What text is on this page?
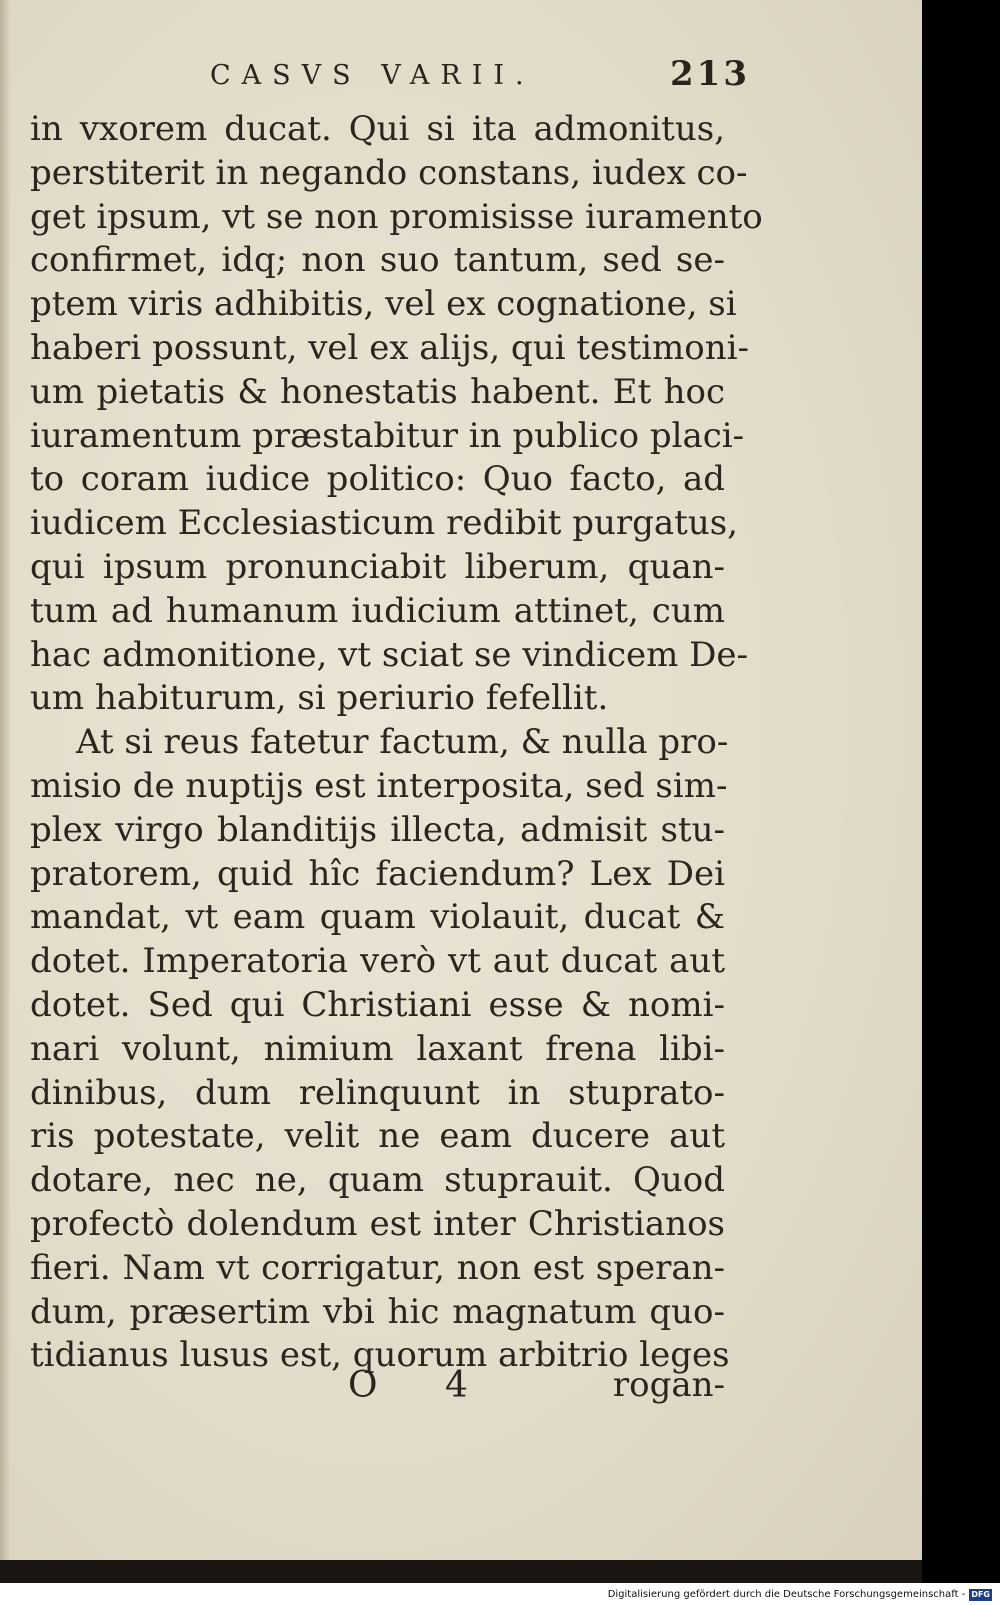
CASVS VARII.	213
in vxorem ducat. Qui si ita admonitus,
perstiterit in negando constans, iudex co-
get ipsum, vt se non promisisse iuramento
confirmet, idq; non suo tantum, sed se-
ptem viris adhibitis, vel ex cognatione, si
haberi possunt, vel ex alijs, qui testimoni-
um pietatis & honestatis habent. Et hoc
iuramentum præstabitur in publico placi-
to coram iudice politico: Quo facto, ad
iudicem Ecclesiasticum redibit purgatus,
qui ipsum pronunciabit liberum, quan-
tum ad humanum iudicium attinet, cum
hac admonitione, vt sciat se vindicem De-
um habiturum, si periurio fefellit.
At si reus fatetur factum, & nulla pro-
misio de nuptijs est interposita, sed sim-
plex virgo blanditijs illecta, admisit stu-
pratorem, quid hîc faciendum? Lex Dei
mandat, vt eam quam violauit, ducat &
dotet. Imperatoria verò vt aut ducat aut
dotet. Sed qui Christiani esse & nomi-
nari volunt, nimium laxant frena libi-
dinibus, dum relinquunt in stuprato-
ris potestate, velit ne eam ducere aut
dotare, nec ne, quam stuprauit. Quod
profectò dolendum est inter Christianos
fieri. Nam vt corrigatur, non est speran-
dum, præsertim vbi hic magnatum quo-
tidianus lusus est, quorum arbitrio leges
O 4	rogan-
Digitalisierung gefördert durch die Deutsche Forschungsgemeinschaft - DFG
